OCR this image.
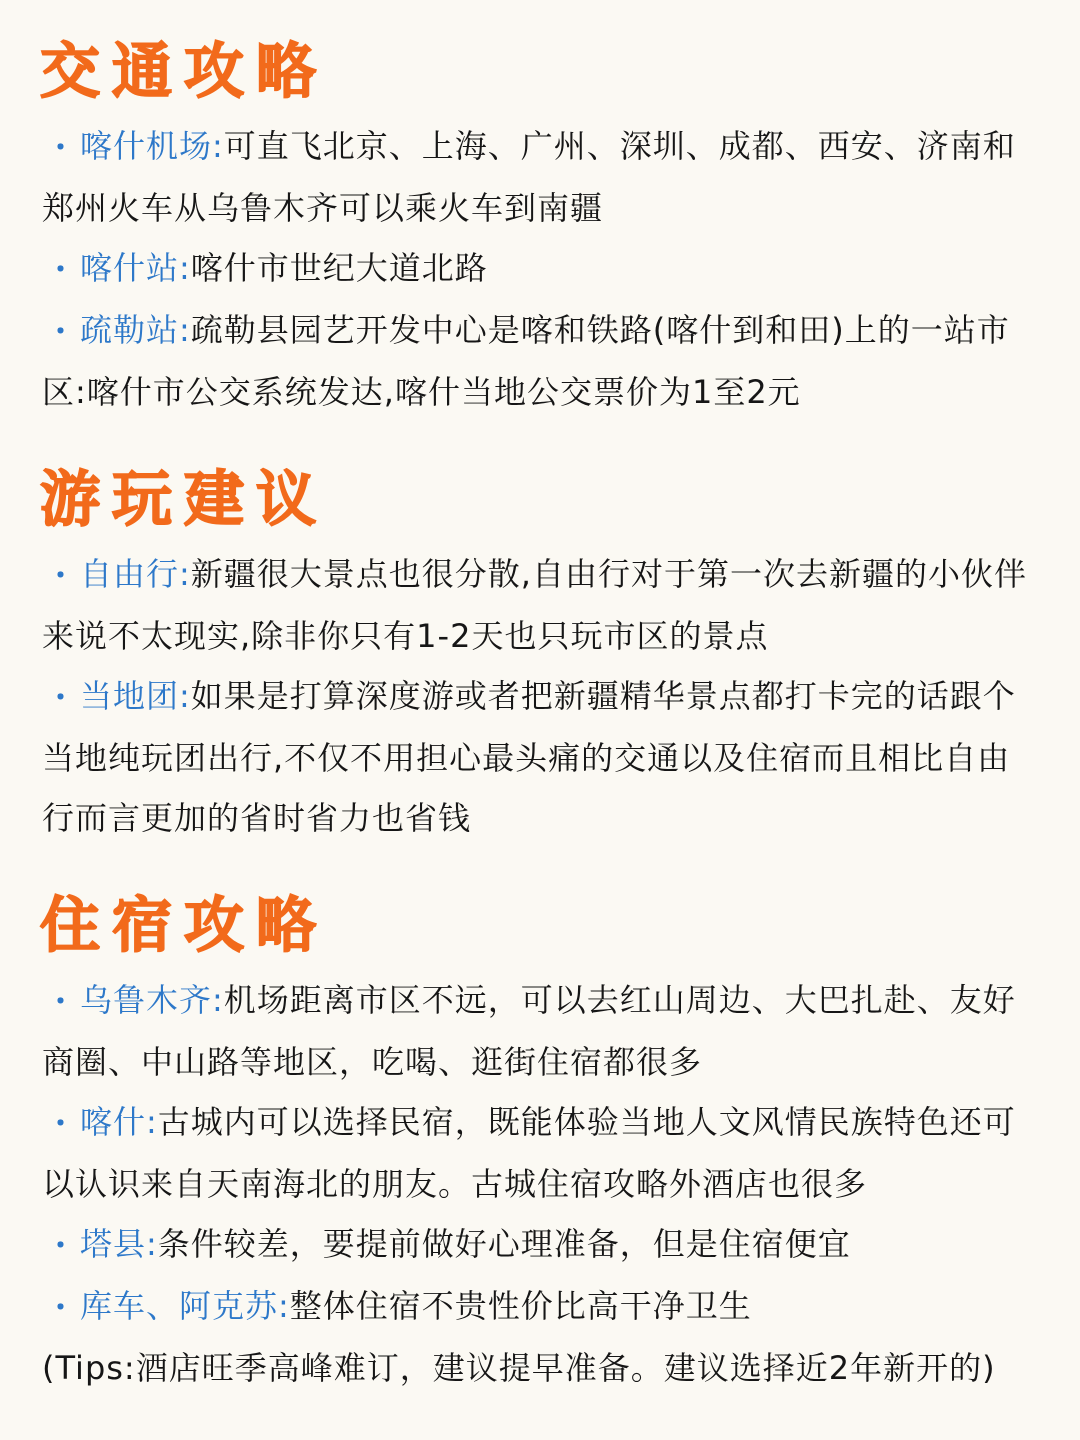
交通攻略

・ 喀什机场:可直飞北京、上海、广州、深圳、成都、西安、济南和郑州火车从乌鲁木齐可以乘火车到南疆

・ 喀什站:喀什市世纪大道北路

・ 疏勒站:疏勒县园艺开发中心是喀和铁路(喀什到和田)上的一站市区:喀什市公交系统发达,喀什当地公交票价为1至2元

游玩建议

・ 自由行:新疆很大景点也很分散,自由行对于第一次去新疆的小伙伴来说不太现实,除非你只有1-2天也只玩市区的景点

・ 当地团:如果是打算深度游或者把新疆精华景点都打卡完的话跟个当地纯玩团出行,不仅不用担心最头痛的交通以及住宿而且相比自由行而言更加的省时省力也省钱

住宿攻略

・ 乌鲁木齐:机场距离市区不远，可以去红山周边、大巴扎赴、友好商圈、中山路等地区，吃喝、逛街住宿都很多

・ 喀什:古城内可以选择民宿，既能体验当地人文风情民族特色还可以认识来自天南海北的朋友。古城住宿攻略外酒店也很多

・ 塔县:条件较差，要提前做好心理准备，但是住宿便宜

・ 库车、阿克苏:整体住宿不贵性价比高干净卫生

(Tips:酒店旺季高峰难订，建议提早准备。建议选择近2年新开的)
